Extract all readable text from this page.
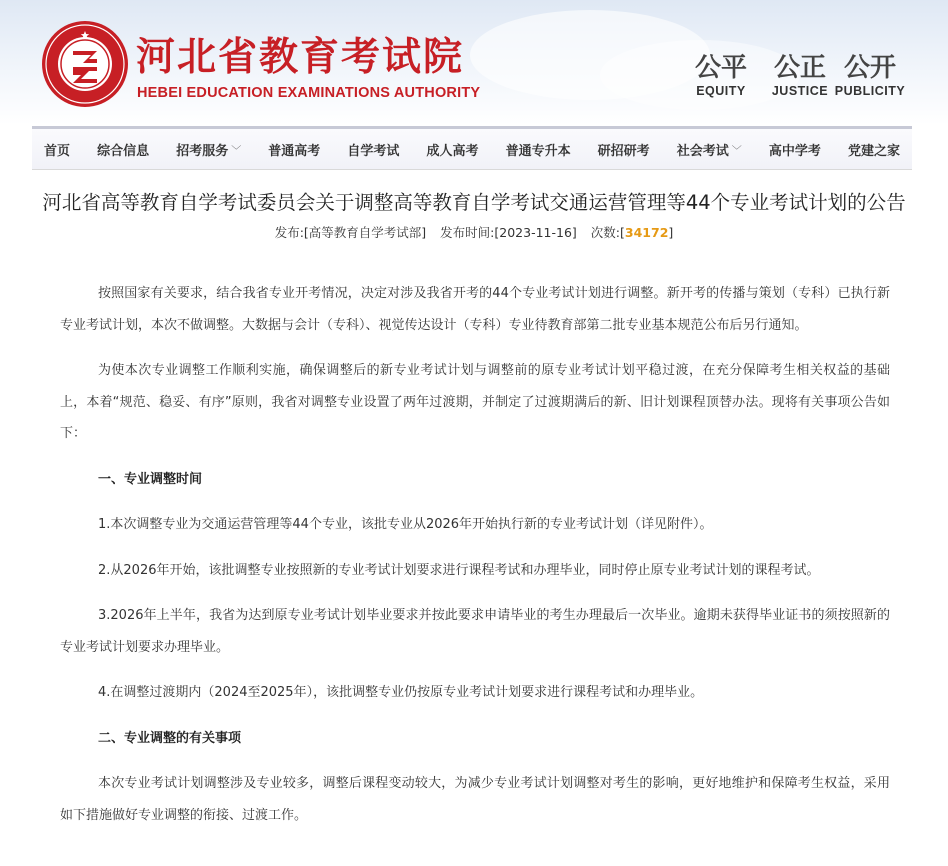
河北省教育考试院
HEBEI EDUCATION EXAMINATIONS AUTHORITY
公平
EQUITY
公正
JUSTICE
公开
PUBLICITY
首页 综合信息 招考服务 ﹀ 普通高考 自学考试 成人高考 普通专升本 研招研考 社会考试 ﹀ 高中学考 党建之家
河北省高等教育自学考试委员会关于调整高等教育自学考试交通运营管理等44个专业考试计划的公告
发布:[高等教育自学考试部] 发布时间:[2023-11-16] 次数:[34172]

按照国家有关要求，结合我省专业开考情况，决定对涉及我省开考的44个专业考试计划进行调整。新开考的传播与策划（专科）已执行新专业考试计划，本次不做调整。大数据与会计（专科）、视觉传达设计（专科）专业待教育部第二批专业基本规范公布后另行通知。

为使本次专业调整工作顺利实施，确保调整后的新专业考试计划与调整前的原专业考试计划平稳过渡，在充分保障考生相关权益的基础上，本着“规范、稳妥、有序”原则，我省对调整专业设置了两年过渡期，并制定了过渡期满后的新、旧计划课程顶替办法。现将有关事项公告如下：

一、专业调整时间

1.本次调整专业为交通运营管理等44个专业，该批专业从2026年开始执行新的专业考试计划（详见附件）。

2.从2026年开始，该批调整专业按照新的专业考试计划要求进行课程考试和办理毕业，同时停止原专业考试计划的课程考试。

3.2026年上半年，我省为达到原专业考试计划毕业要求并按此要求申请毕业的考生办理最后一次毕业。逾期未获得毕业证书的须按照新的专业考试计划要求办理毕业。

4.在调整过渡期内（2024至2025年），该批调整专业仍按原专业考试计划要求进行课程考试和办理毕业。

二、专业调整的有关事项

本次专业考试计划调整涉及专业较多，调整后课程变动较大，为减少专业考试计划调整对考生的影响，更好地维护和保障考生权益，采用如下措施做好专业调整的衔接、过渡工作。
